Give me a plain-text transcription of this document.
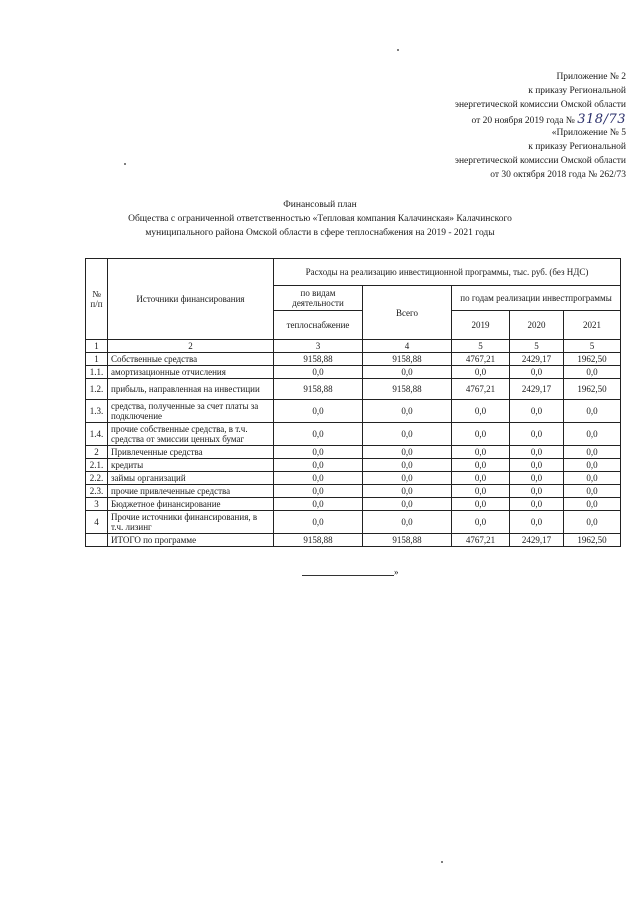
Приложение № 2
к приказу Региональной
энергетической комиссии Омской области
от 20 ноября 2019 года № 318/73
«Приложение № 5
к приказу Региональной
энергетической комиссии Омской области
от 30 октября 2018 года № 262/73
Финансовый план
Общества с ограниченной ответственностью «Тепловая компания Калачинская» Калачинского
муниципального района Омской области в сфере теплоснабжения на 2019 - 2021 годы
№ п/п	Источники финансирования	Расходы на реализацию инвестиционной программы, тыс. руб. (без НДС)				
		по видам деятельности	Всего	по годам реализации инвестпрограммы		
		теплоснабжение		2019	2020	2021
1	2	3	4	5	5	5
1	Собственные средства	9158,88	9158,88	4767,21	2429,17	1962,50
1.1.	амортизационные отчисления	0,0	0,0	0,0	0,0	0,0
1.2.	прибыль, направленная на инвестиции	9158,88	9158,88	4767,21	2429,17	1962,50
1.3.	средства, полученные за счет платы за подключение	0,0	0,0	0,0	0,0	0,0
1.4.	прочие собственные средства, в т.ч. средства от эмиссии ценных бумаг	0,0	0,0	0,0	0,0	0,0
2	Привлеченные средства	0,0	0,0	0,0	0,0	0,0
2.1.	кредиты	0,0	0,0	0,0	0,0	0,0
2.2.	займы организаций	0,0	0,0	0,0	0,0	0,0
2.3.	прочие привлеченные средства	0,0	0,0	0,0	0,0	0,0
3	Бюджетное финансирование	0,0	0,0	0,0	0,0	0,0
4	Прочие источники финансирования, в т.ч. лизинг	0,0	0,0	0,0	0,0	0,0
	ИТОГО по программе	9158,88	9158,88	4767,21	2429,17	1962,50
»
